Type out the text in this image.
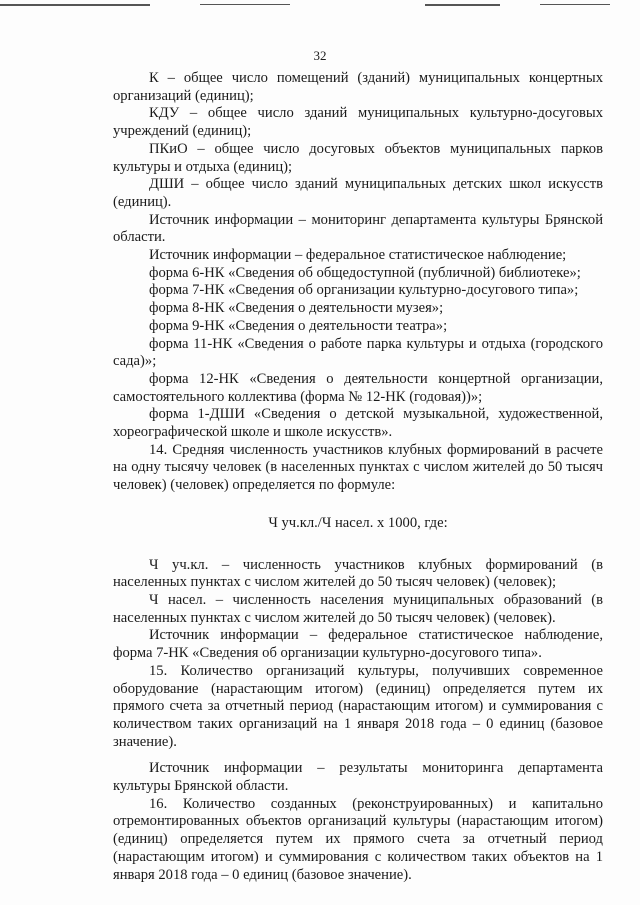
32

К – общее число помещений (зданий) муниципальных концертных организаций (единиц);

КДУ – общее число зданий муниципальных культурно-досуговых учреждений (единиц);

ПКиО – общее число досуговых объектов муниципальных парков культуры и отдыха (единиц);

ДШИ – общее число зданий муниципальных детских школ искусств (единиц).

Источник информации – мониторинг департамента культуры Брянской области.

Источник информации – федеральное статистическое наблюдение;

форма 6-НК «Сведения об общедоступной (публичной) библиотеке»;

форма 7-НК «Сведения об организации культурно-досугового типа»;

форма 8-НК «Сведения о деятельности музея»;

форма 9-НК «Сведения о деятельности театра»;

форма 11-НК «Сведения о работе парка культуры и отдыха (городского сада)»;

форма 12-НК «Сведения о деятельности концертной организации, самостоятельного коллектива (форма № 12-НК (годовая))»;

форма 1-ДШИ «Сведения о детской музыкальной, художественной, хореографической школе и школе искусств».

14. Средняя численность участников клубных формирований в расчете на одну тысячу человек (в населенных пунктах с числом жителей до 50 тысяч человек) (человек) определяется по формуле:

Ч уч.кл./Ч насел. х 1000, где:

Ч уч.кл. – численность участников клубных формирований (в населенных пунктах с числом жителей до 50 тысяч человек) (человек);

Ч насел. – численность населения муниципальных образований (в населенных пунктах с числом жителей до 50 тысяч человек) (человек).

Источник информации – федеральное статистическое наблюдение, форма 7-НК «Сведения об организации культурно-досугового типа».

15. Количество организаций культуры, получивших современное оборудование (нарастающим итогом) (единиц) определяется путем их прямого счета за отчетный период (нарастающим итогом) и суммирования с количеством таких организаций на 1 января 2018 года – 0 единиц (базовое значение).

Источник информации – результаты мониторинга департамента культуры Брянской области.

16. Количество созданных (реконструированных) и капитально отремонтированных объектов организаций культуры (нарастающим итогом) (единиц) определяется путем их прямого счета за отчетный период (нарастающим итогом) и суммирования с количеством таких объектов на 1 января 2018 года – 0 единиц (базовое значение).
